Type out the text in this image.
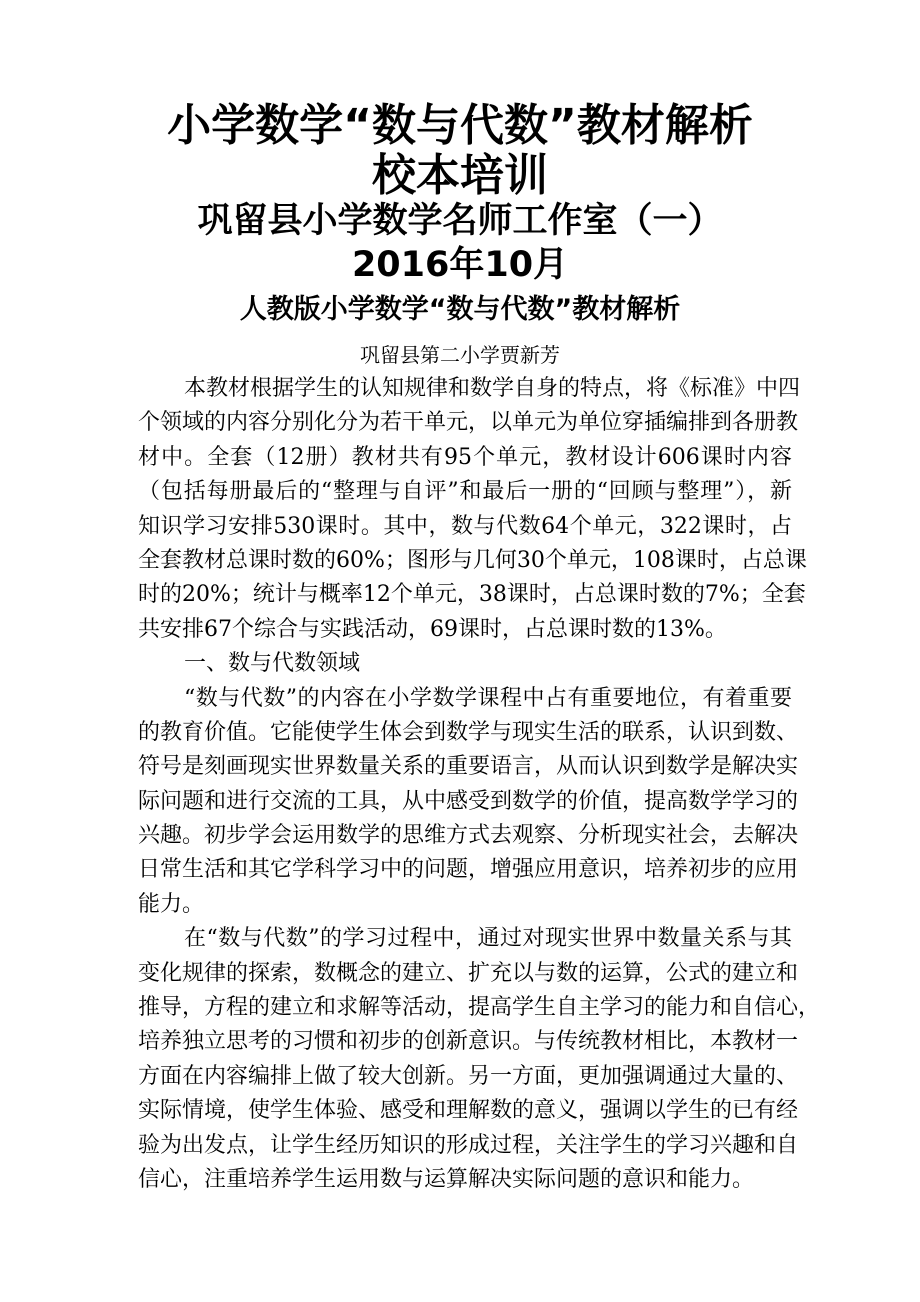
小学数学“数与代数”教材解析
校本培训
巩留县小学数学名师工作室（一）
2016年10月
人教版小学数学“数与代数”教材解析
巩留县第二小学贾新芳
本教材根据学生的认知规律和数学自身的特点，将《标准》中四
个领域的内容分别化分为若干单元，以单元为单位穿插编排到各册教
材中。全套（12册）教材共有95个单元，教材设计606课时内容
（包括每册最后的“整理与自评”和最后一册的“回顾与整理”），新
知识学习安排530课时。其中，数与代数64个单元，322课时，占
全套教材总课时数的60%；图形与几何30个单元，108课时，占总课
时的20%；统计与概率12个单元，38课时，占总课时数的7%；全套
共安排67个综合与实践活动，69课时，占总课时数的13%。
一、数与代数领域
“数与代数”的内容在小学数学课程中占有重要地位，有着重要
的教育价值。它能使学生体会到数学与现实生活的联系，认识到数、
符号是刻画现实世界数量关系的重要语言，从而认识到数学是解决实
际问题和进行交流的工具，从中感受到数学的价值，提高数学学习的
兴趣。初步学会运用数学的思维方式去观察、分析现实社会，去解决
日常生活和其它学科学习中的问题，增强应用意识，培养初步的应用
能力。
在“数与代数”的学习过程中，通过对现实世界中数量关系与其
变化规律的探索，数概念的建立、扩充以与数的运算，公式的建立和
推导，方程的建立和求解等活动，提高学生自主学习的能力和自信心，
培养独立思考的习惯和初步的创新意识。与传统教材相比，本教材一
方面在内容编排上做了较大创新。另一方面，更加强调通过大量的、
实际情境，使学生体验、感受和理解数的意义，强调以学生的已有经
验为出发点，让学生经历知识的形成过程，关注学生的学习兴趣和自
信心，注重培养学生运用数与运算解决实际问题的意识和能力。
